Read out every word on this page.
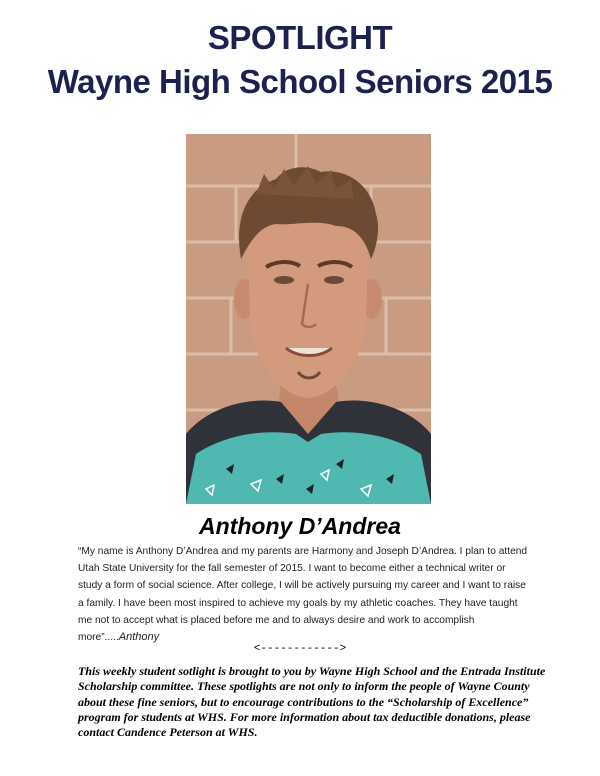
SPOTLIGHT
Wayne High School Seniors 2015
Anthony D’Andrea

“My name is Anthony D’Andrea and my parents are Harmony and Joseph D’Andrea. I plan to attend Utah State University for the fall semester of 2015. I want to become either a technical writer or study a form of social science. After college, I will be actively pursuing my career and I want to raise a family. I have been most inspired to achieve my goals by my athletic coaches. They have taught me not to accept what is placed before me and to always desire and work to accomplish more”.....Anthony

<------------>

This weekly student sotlight is brought to you by Wayne High School and the Entrada Institute Scholarship committee. These spotlights are not only to inform the people of Wayne County about these fine seniors, but to encourage contributions to the “Scholarship of Excellence” program for students at WHS. For more information about tax deductible donations, please contact Candence Peterson at WHS.
